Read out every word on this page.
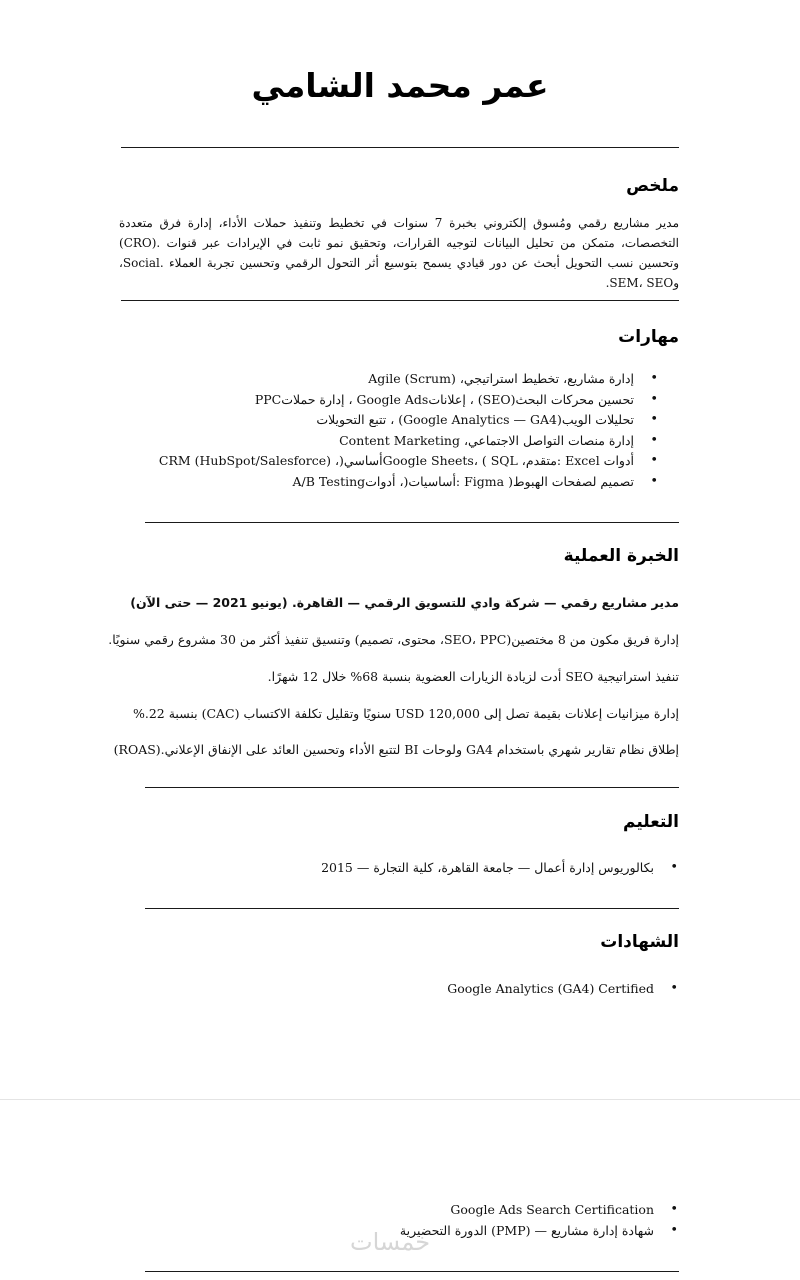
عمر محمد الشامي
ملخص
مدير مشاريع رقمي ومُسوق إلكتروني بخبرة 7 سنوات في تخطيط وتنفيذ حملات الأداء، إدارة فرق متعددة التخصصات، متمكن من تحليل البيانات لتوجيه القرارات، وتحقيق نمو ثابت في الإيرادات عبر قنوات .(CRO) وتحسين نسب التحويل أبحث عن دور قيادي يسمح بتوسيع أثر التحول الرقمي وتحسين تجربة العملاء .Social، وSEM، SEO.
مهارات
• إدارة مشاريع، تخطيط استراتيجي، Agile (Scrum)
• تحسين محركات البحث(SEO) ، إعلاناتGoogle Ads ، إدارة حملاتPPC
• تحليلات الويب(Google Analytics — GA4) ، تتبع التحويلات
• إدارة منصات التواصل الاجتماعي، Content Marketing
• أدوات Excel :متقدم، Google Sheets، ( SQLأساسي(، CRM (HubSpot/Salesforce)
• تصميم لصفحات الهبوط( Figma :أساسيات(، أدواتA/B Testing
الخبرة العملية
مدير مشاريع رقمي — شركة وادي للتسويق الرقمي — القاهرة. (يونيو 2021 — حتى الآن)
إدارة فريق مكون من 8 مختصين(SEO، PPC، محتوى، تصميم) وتنسيق تنفيذ أكثر من 30 مشروع رقمي سنويًا.
تنفيذ استراتيجية SEO أدت لزيادة الزيارات العضوية بنسبة 68% خلال 12 شهرًا.
إدارة ميزانيات إعلانات بقيمة تصل إلى USD 120,000 سنويًا وتقليل تكلفة الاكتساب (CAC) بنسبة 22.%
إطلاق نظام تقارير شهري باستخدام GA4 ولوحات BI لتتبع الأداء وتحسين العائد على الإنفاق الإعلاني.(ROAS)
التعليم
• بكالوريوس إدارة أعمال — جامعة القاهرة، كلية التجارة — 2015
الشهادات
• Google Analytics (GA4) Certified
• Google Ads Search Certification
• شهادة إدارة مشاريع — (PMP) الدورة التحضيرية
خمسات
